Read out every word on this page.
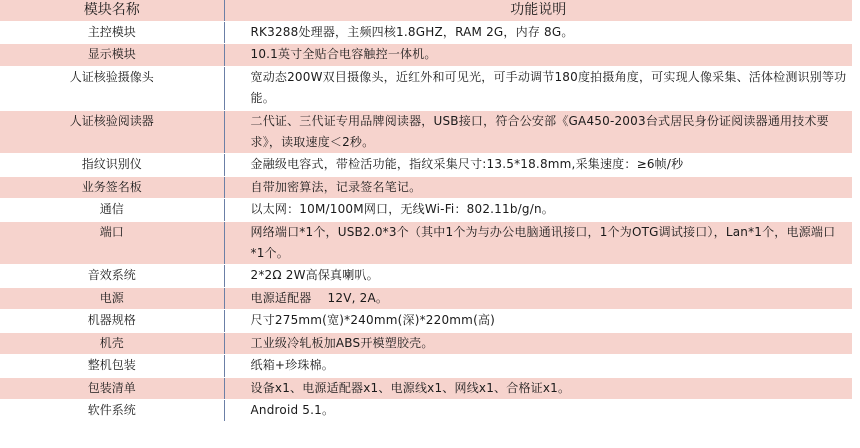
模块名称	功能说明
主控模块	RK3288处理器，主频四核1.8GHZ，RAM 2G，内存 8G。
显示模块	10.1英寸全贴合电容触控一体机。
人证核验摄像头	宽动态200W双目摄像头，近红外和可见光，可手动调节180度拍摄角度，可实现人像采集、活体检测识别等功能。
人证核验阅读器	二代证、三代证专用品牌阅读器，USB接口，符合公安部《GA450-2003台式居民身份证阅读器通用技术要求》，读取速度＜2秒。
指纹识别仪	金融级电容式，带检活功能，指纹采集尺寸:13.5*18.8mm,采集速度：≥6帧/秒
业务签名板	自带加密算法，记录签名笔记。
通信	以太网：10M/100M网口，无线Wi-Fi：802.11b/g/n。
端口	网络端口*1个，USB2.0*3个（其中1个为与办公电脑通讯接口，1个为OTG调试接口），Lan*1个，电源端口*1个。
音效系统	2*2Ω 2W高保真喇叭。
电源	电源适配器    12V, 2A。
机器规格	尺寸275mm(宽)*240mm(深)*220mm(高)
机壳	工业级冷轧板加ABS开模塑胶壳。
整机包装	纸箱+珍珠棉。
包装清单	设备x1、电源适配器x1、电源线x1、网线x1、合格证x1。
软件系统	Android 5.1。
